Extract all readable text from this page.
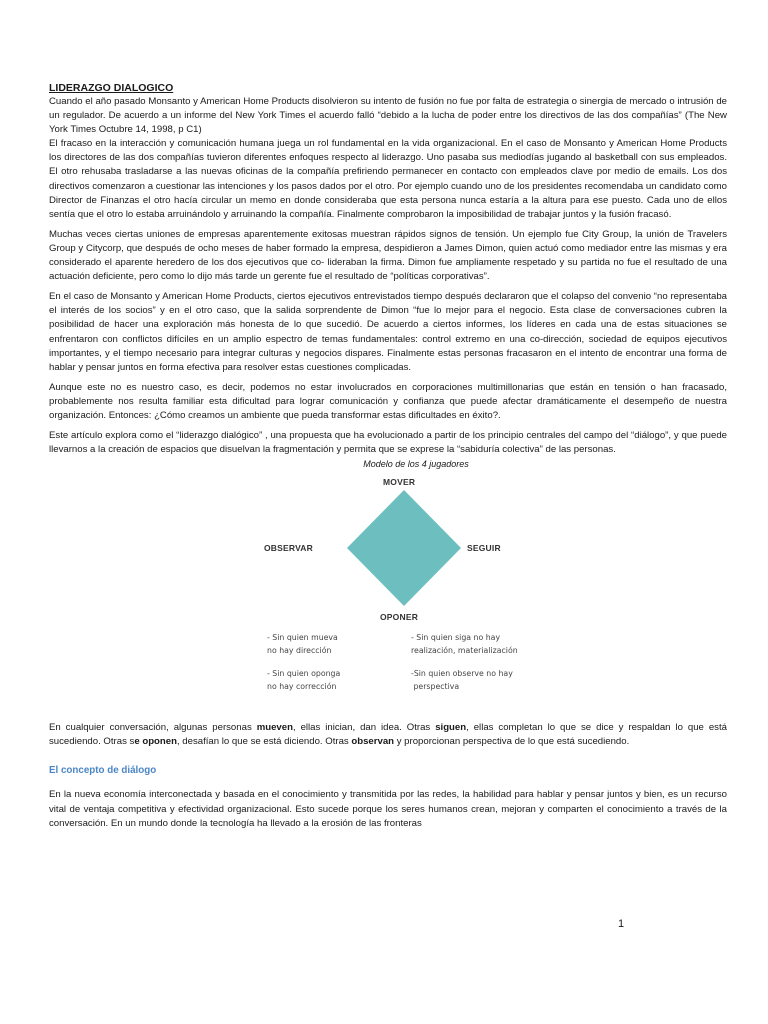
LIDERAZGO DIALOGICO

Cuando el año pasado Monsanto y American Home Products disolvieron su intento de fusión no fue por falta de estrategia o sinergia de mercado o intrusión de un regulador. De acuerdo a un informe del New York Times el acuerdo falló “debido a la lucha de poder entre los directivos de las dos compañías” (The New York Times Octubre 14, 1998, p C1)

El fracaso en la interacción y comunicación humana juega un rol fundamental en la vida organizacional. En el caso de Monsanto y American Home Products los directores de las dos compañías tuvieron diferentes enfoques respecto al liderazgo. Uno pasaba sus mediodías jugando al basketball con sus empleados. El otro rehusaba trasladarse a las nuevas oficinas de la compañía prefiriendo permanecer en contacto con empleados clave por medio de emails. Los dos directivos comenzaron a cuestionar las intenciones y los pasos dados por el otro. Por ejemplo cuando uno de los presidentes recomendaba un candidato como Director de Finanzas el otro hacía circular un memo en donde consideraba que esta persona nunca estaría a la altura para ese puesto. Cada uno de ellos sentía que el otro lo estaba arruinándolo y arruinando la compañía. Finalmente comprobaron la imposibilidad de trabajar juntos y la fusión fracasó.

Muchas veces ciertas uniones de empresas aparentemente exitosas muestran rápidos signos de tensión. Un ejemplo fue City Group, la unión de Travelers Group y Citycorp, que después de ocho meses de haber formado la empresa, despidieron a James Dimon, quien actuó como mediador entre las mismas y era considerado el aparente heredero de los dos ejecutivos que co- lideraban la firma. Dimon fue ampliamente respetado y su partida no fue el resultado de una actuación deficiente, pero como lo dijo más tarde un gerente fue el resultado de “políticas corporativas”.

En el caso de Monsanto y American Home Products, ciertos ejecutivos entrevistados tiempo después declararon que el colapso del convenio “no representaba el interés de los socios” y en el otro caso, que la salida sorprendente de Dimon “fue lo mejor para el negocio. Esta clase de conversaciones cubren la posibilidad de hacer una exploración más honesta de lo que sucedió. De acuerdo a ciertos informes, los líderes en cada una de estas situaciones se enfrentaron con conflictos difíciles en un amplio espectro de temas fundamentales: control extremo en una co-dirección, sociedad de equipos ejecutivos importantes, y el tiempo necesario para integrar culturas y negocios dispares. Finalmente estas personas fracasaron en el intento de encontrar una forma de hablar y pensar juntos en forma efectiva para resolver estas cuestiones complicadas.

Aunque este no es nuestro caso, es decir, podemos no estar involucrados en corporaciones multimillonarias que están en tensión o han fracasado, probablemente nos resulta familiar esta dificultad para lograr comunicación y confianza que puede afectar dramáticamente el desempeño de nuestra organización. Entonces: ¿Cómo creamos un ambiente que pueda transformar estas dificultades en éxito?.

Este artículo explora como el “liderazgo dialógico” , una propuesta que ha evolucionado a partir de los principio centrales del campo del “diálogo”, y que puede llevarnos a la creación de espacios que disuelvan la fragmentación y permita que se exprese la “sabiduría colectiva” de las personas.

Modelo de los 4 jugadores
MOVER
OBSERVAR	SEGUIR
OPONER
- Sin quien mueva
no hay dirección
- Sin quien siga no hay
realización, materialización
- Sin quien oponga
no hay corrección
-Sin quien observe no hay
perspectiva

En cualquier conversación, algunas personas mueven, ellas inician, dan idea. Otras siguen, ellas completan lo que se dice y respaldan lo que está sucediendo. Otras se oponen, desafían lo que se está diciendo. Otras observan y proporcionan perspectiva de lo que está sucediendo.

El concepto de diálogo

En la nueva economía interconectada y basada en el conocimiento y transmitida por las redes, la habilidad para hablar y pensar juntos y bien, es un recurso vital de ventaja competitiva y efectividad organizacional. Esto sucede porque los seres humanos crean, mejoran y comparten el conocimiento a través de la conversación. En un mundo donde la tecnología ha llevado a la erosión de las fronteras

1
